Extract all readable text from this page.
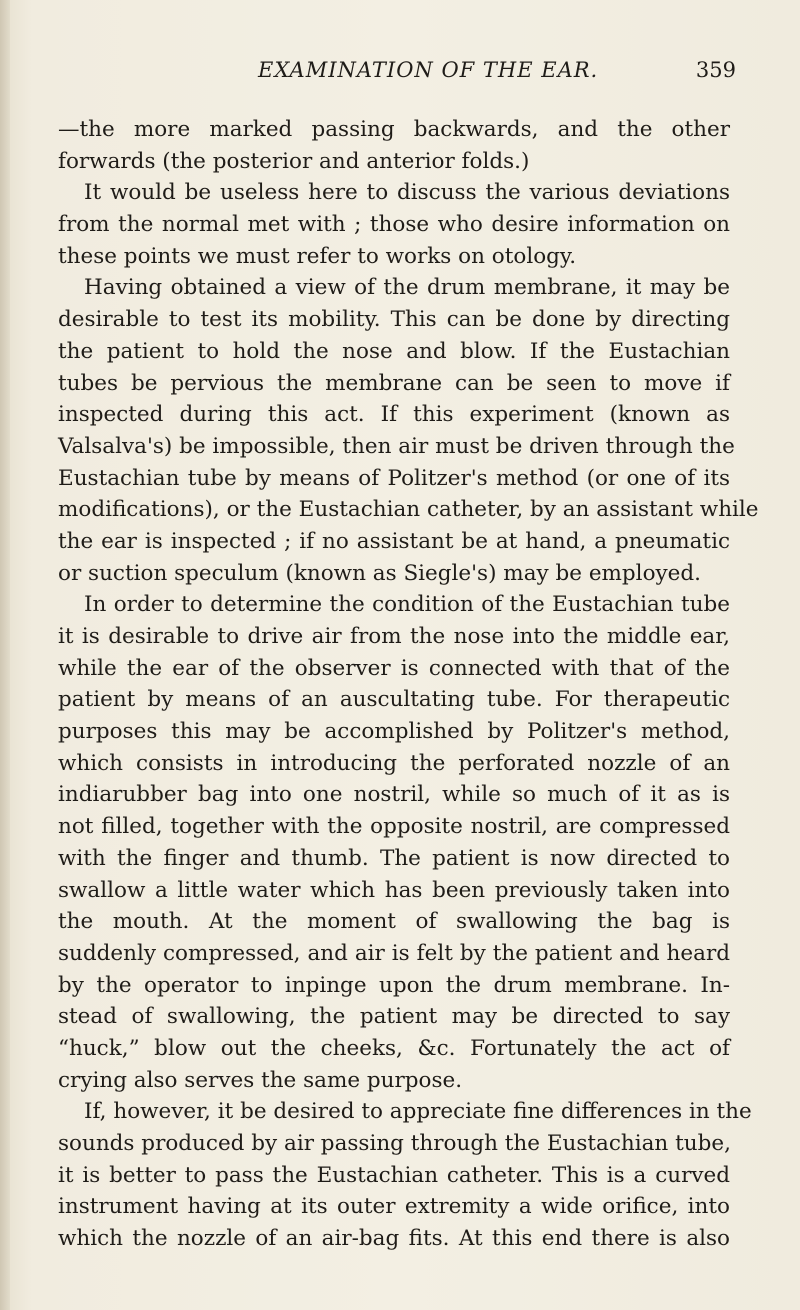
EXAMINATION OF THE EAR.	359
—the more marked passing backwards, and the other
forwards (the posterior and anterior folds.)
It would be useless here to discuss the various deviations
from the normal met with ; those who desire information on
these points we must refer to works on otology.
Having obtained a view of the drum membrane, it may be
desirable to test its mobility. This can be done by directing
the patient to hold the nose and blow. If the Eustachian
tubes be pervious the membrane can be seen to move if
inspected during this act. If this experiment (known as
Valsalva's) be impossible, then air must be driven through the
Eustachian tube by means of Politzer's method (or one of its
modifications), or the Eustachian catheter, by an assistant while
the ear is inspected ; if no assistant be at hand, a pneumatic
or suction speculum (known as Siegle's) may be employed.
In order to determine the condition of the Eustachian tube
it is desirable to drive air from the nose into the middle ear,
while the ear of the observer is connected with that of the
patient by means of an auscultating tube. For therapeutic
purposes this may be accomplished by Politzer's method,
which consists in introducing the perforated nozzle of an
indiarubber bag into one nostril, while so much of it as is
not filled, together with the opposite nostril, are compressed
with the finger and thumb. The patient is now directed to
swallow a little water which has been previously taken into
the mouth. At the moment of swallowing the bag is
suddenly compressed, and air is felt by the patient and heard
by the operator to inpinge upon the drum membrane. In-
stead of swallowing, the patient may be directed to say
“huck,” blow out the cheeks, &c. Fortunately the act of
crying also serves the same purpose.
If, however, it be desired to appreciate fine differences in the
sounds produced by air passing through the Eustachian tube,
it is better to pass the Eustachian catheter. This is a curved
instrument having at its outer extremity a wide orifice, into
which the nozzle of an air-bag fits. At this end there is also
